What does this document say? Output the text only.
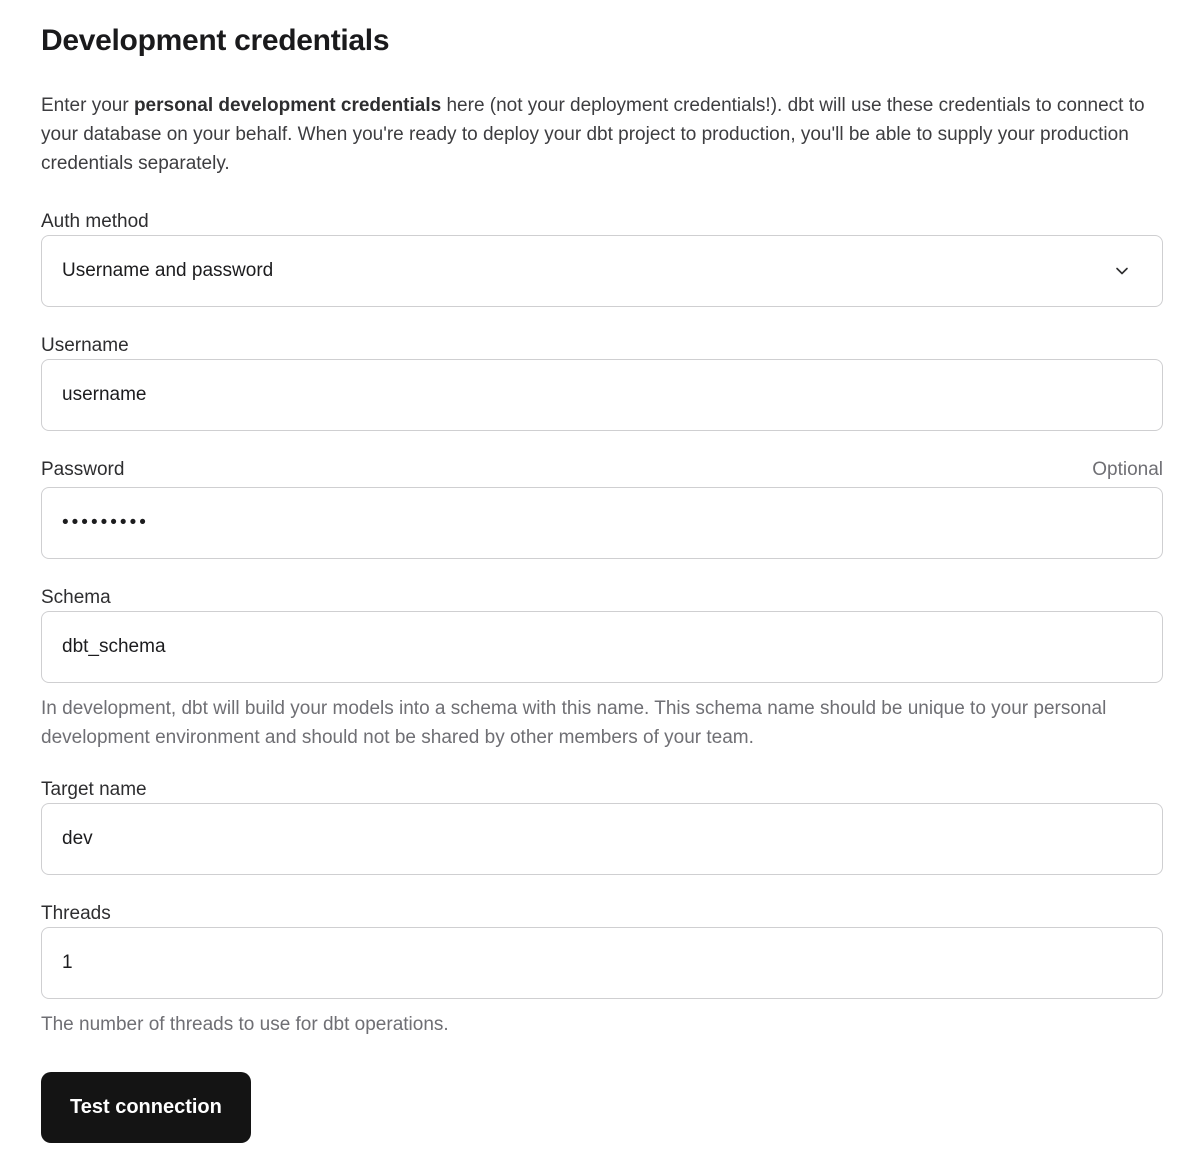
Development credentials

Enter your personal development credentials here (not your deployment credentials!). dbt will use these credentials to connect to your database on your behalf. When you're ready to deploy your dbt project to production, you'll be able to supply your production credentials separately.

Auth method
Username and password
Username
username
Password	Optional
•••••••••
Schema
dbt_schema

In development, dbt will build your models into a schema with this name. This schema name should be unique to your personal development environment and should not be shared by other members of your team.

Target name
dev
Threads
1

The number of threads to use for dbt operations.

Test connection
